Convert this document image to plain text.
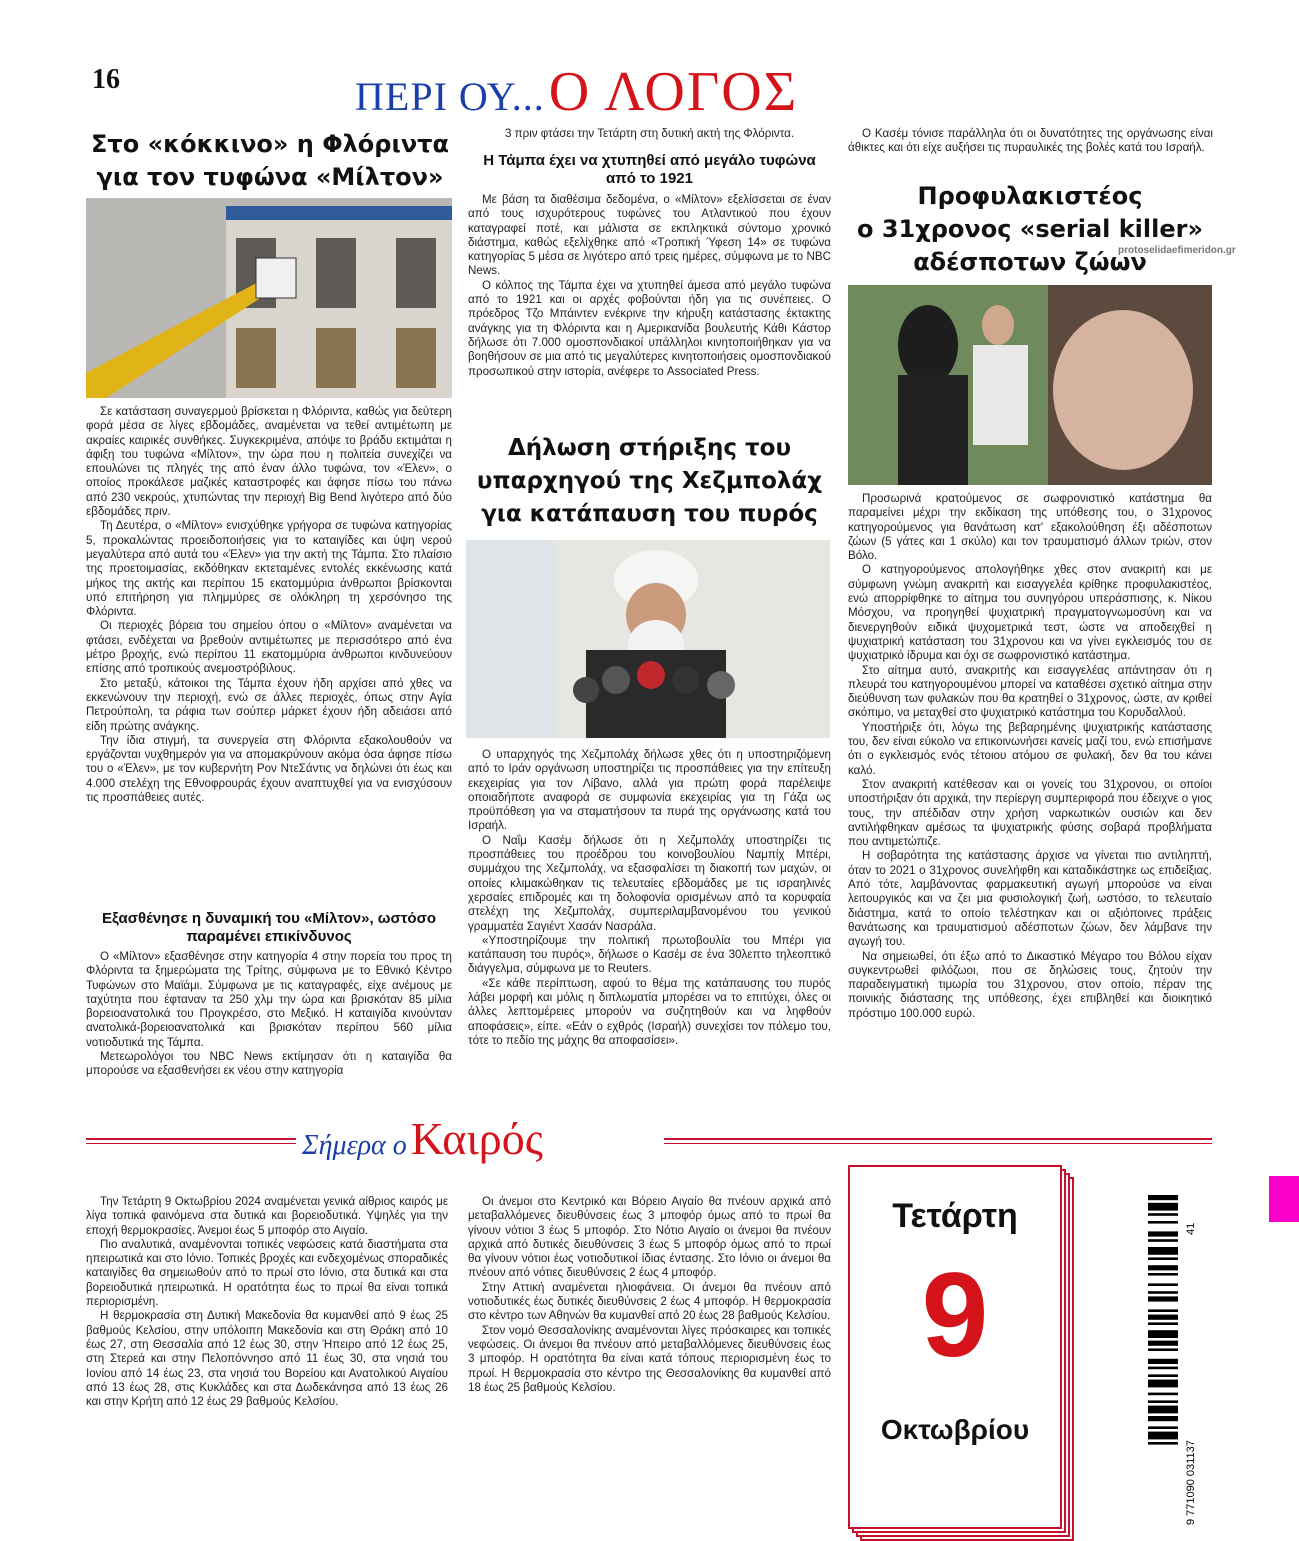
16	ΠΕΡΙ ΟΥ... Ο ΛΟΓΟΣ
Στο «κόκκινο» η Φλόριντα
για τον τυφώνα «Μίλτον»

Σε κατάσταση συναγερμού βρίσκεται η Φλόριντα, καθώς για δεύτερη φορά μέσα σε λίγες εβδομάδες, αναμένεται να τεθεί αντιμέτωπη με ακραίες καιρικές συνθήκες. Συγκεκριμένα, απόψε το βράδυ εκτιμάται η άφιξη του τυφώνα «Μίλτον», την ώρα που η πολιτεία συνεχίζει να επουλώνει τις πληγές της από έναν άλλο τυφώνα, τον «Έλεν», ο οποίος προκάλεσε μαζικές καταστροφές και άφησε πίσω του πάνω από 230 νεκρούς, χτυπώντας την περιοχή Big Bend λιγότερο από δύο εβδομάδες πριν.

Τη Δευτέρα, ο «Μίλτον» ενισχύθηκε γρήγορα σε τυφώνα κατηγορίας 5, προκαλώντας προειδοποιήσεις για το καταιγίδες και ύψη νερού μεγαλύτερα από αυτά του «Έλεν» για την ακτή της Τάμπα. Στο πλαίσιο της προετοιμασίας, εκδόθηκαν εκτεταμένες εντολές εκκένωσης κατά μήκος της ακτής και περίπου 15 εκατομμύρια άνθρωποι βρίσκονται υπό επιτήρηση για πλημμύρες σε ολόκληρη τη χερσόνησο της Φλόριντα.

Οι περιοχές βόρεια του σημείου όπου ο «Μίλτον» αναμένεται να φτάσει, ενδέχεται να βρεθούν αντιμέτωπες με περισσότερο από ένα μέτρο βροχής, ενώ περίπου 11 εκατομμύρια άνθρωποι κινδυνεύουν επίσης από τροπικούς ανεμοστρόβιλους.

Στο μεταξύ, κάτοικοι της Τάμπα έχουν ήδη αρχίσει από χθες να εκκενώνουν την περιοχή, ενώ σε άλλες περιοχές, όπως στην Αγία Πετρούπολη, τα ράφια των σούπερ μάρκετ έχουν ήδη αδειάσει από είδη πρώτης ανάγκης.

Την ίδια στιγμή, τα συνεργεία στη Φλόριντα εξακολουθούν να εργάζονται νυχθημερόν για να απομακρύνουν ακόμα όσα άφησε πίσω του ο «Έλεν», με τον κυβερνήτη Ρον ΝτεΣάντις να δηλώνει ότι έως και 4.000 στελέχη της Εθνοφρουράς έχουν αναπτυχθεί για να ενισχύσουν τις προσπάθειες αυτές.

Εξασθένησε η δυναμική του «Μίλτον», ωστόσο παραμένει επικίνδυνος

Ο «Μίλτον» εξασθένησε στην κατηγορία 4 στην πορεία του προς τη Φλόριντα τα ξημερώματα της Τρίτης, σύμφωνα με το Εθνικό Κέντρο Τυφώνων στο Μαϊάμι. Σύμφωνα με τις καταγραφές, είχε ανέμους με ταχύτητα που έφταναν τα 250 χλμ την ώρα και βρισκόταν 85 μίλια βορειοανατολικά του Προγκρέσο, στο Μεξικό. Η καταιγίδα κινούνταν ανατολικά-βορειοανατολικά και βρισκόταν περίπου 560 μίλια νοτιοδυτικά της Τάμπα.

Μετεωρολόγοι του NBC News εκτίμησαν ότι η καταιγίδα θα μπορούσε να εξασθενήσει εκ νέου στην κατηγορία

3 πριν φτάσει την Τετάρτη στη δυτική ακτή της Φλόριντα.
Η Τάμπα έχει να χτυπηθεί από μεγάλο τυφώνα από το 1921

Με βάση τα διαθέσιμα δεδομένα, ο «Μίλτον» εξελίσσεται σε έναν από τους ισχυρότερους τυφώνες του Ατλαντικού που έχουν καταγραφεί ποτέ, και μάλιστα σε εκπληκτικά σύντομο χρονικό διάστημα, καθώς εξελίχθηκε από «Τροπική Ύφεση 14» σε τυφώνα κατηγορίας 5 μέσα σε λιγότερο από τρεις ημέρες, σύμφωνα με το NBC News.

Ο κόλπος της Τάμπα έχει να χτυπηθεί άμεσα από μεγάλο τυφώνα από το 1921 και οι αρχές φοβούνται ήδη για τις συνέπειες. Ο πρόεδρος Τζο Μπάιντεν ενέκρινε την κήρυξη κατάστασης έκτακτης ανάγκης για τη Φλόριντα και η Αμερικανίδα βουλευτής Κάθι Κάστορ δήλωσε ότι 7.000 ομοσπονδιακοί υπάλληλοι κινητοποιήθηκαν για να βοηθήσουν σε μια από τις μεγαλύτερες κινητοποιήσεις ομοσπονδιακού προσωπικού στην ιστορία, ανέφερε το Associated Press.

Δήλωση στήριξης του
υπαρχηγού της Χεζμπολάχ
για κατάπαυση του πυρός

Ο υπαρχηγός της Χεζμπολάχ δήλωσε χθες ότι η υποστηριζόμενη από το Ιράν οργάνωση υποστηρίζει τις προσπάθειες για την επίτευξη εκεχειρίας για τον Λίβανο, αλλά για πρώτη φορά παρέλειψε οποιαδήποτε αναφορά σε συμφωνία εκεχειρίας για τη Γάζα ως προϋπόθεση για να σταματήσουν τα πυρά της οργάνωσης κατά του Ισραήλ.

Ο Ναΐμ Κασέμ δήλωσε ότι η Χεζμπολάχ υποστηρίζει τις προσπάθειες του προέδρου του κοινοβουλίου Ναμπίχ Μπέρι, συμμάχου της Χεζμπολάχ, να εξασφαλίσει τη διακοπή των μαχών, οι οποίες κλιμακώθηκαν τις τελευταίες εβδομάδες με τις ισραηλινές χερσαίες επιδρομές και τη δολοφονία ορισμένων από τα κορυφαία στελέχη της Χεζμπολάχ, συμπεριλαμβανομένου του γενικού γραμματέα Σαγιέντ Χασάν Νασράλα.

«Υποστηρίζουμε την πολιτική πρωτοβουλία του Μπέρι για κατάπαυση του πυρός», δήλωσε ο Κασέμ σε ένα 30λεπτο τηλεοπτικό διάγγελμα, σύμφωνα με το Reuters.

«Σε κάθε περίπτωση, αφού το θέμα της κατάπαυσης του πυρός λάβει μορφή και μόλις η διπλωματία μπορέσει να το επιτύχει, όλες οι άλλες λεπτομέρειες μπορούν να συζητηθούν και να ληφθούν αποφάσεις», είπε. «Εάν ο εχθρός (Ισραήλ) συνεχίσει τον πόλεμο του, τότε το πεδίο της μάχης θα αποφασίσει».

Ο Κασέμ τόνισε παράλληλα ότι οι δυνατότητες της οργάνωσης είναι άθικτες και ότι είχε αυξήσει τις πυραυλικές της βολές κατά του Ισραήλ.

Προφυλακιστέος
ο 31χρονος «serial killer»
αδέσποτων ζώων
protoselidaefimeridon.gr

Προσωρινά κρατούμενος σε σωφρονιστικό κατάστημα θα παραμείνει μέχρι την εκδίκαση της υπόθεσης του, ο 31χρονος κατηγορούμενος για θανάτωση κατ' εξακολούθηση έξι αδέσποτων ζώων (5 γάτες και 1 σκύλο) και τον τραυματισμό άλλων τριών, στον Βόλο.

Ο κατηγορούμενος απολογήθηκε χθες στον ανακριτή και με σύμφωνη γνώμη ανακριτή και εισαγγελέα κρίθηκε προφυλακιστέος, ενώ απορρίφθηκε το αίτημα του συνηγόρου υπεράσπισης, κ. Νίκου Μόσχου, να προηγηθεί ψυχιατρική πραγματογνωμοσύνη και να διενεργηθούν ειδικά ψυχομετρικά τεστ, ώστε να αποδειχθεί η ψυχιατρική κατάσταση του 31χρονου και να γίνει εγκλεισμός του σε ψυχιατρικό ίδρυμα και όχι σε σωφρονιστικό κατάστημα.

Στο αίτημα αυτό, ανακριτής και εισαγγελέας απάντησαν ότι η πλευρά του κατηγορουμένου μπορεί να καταθέσει σχετικό αίτημα στην διεύθυνση των φυλακών που θα κρατηθεί ο 31χρονος, ώστε, αν κριθεί σκόπιμο, να μεταχθεί στο ψυχιατρικό κατάστημα του Κορυδαλλού.

Υποστήριξε ότι, λόγω της βεβαρημένης ψυχιατρικής κατάστασης του, δεν είναι εύκολο να επικοινωνήσει κανείς μαζί του, ενώ επισήμανε ότι ο εγκλεισμός ενός τέτοιου ατόμου σε φυλακή, δεν θα του κάνει καλό.

Στον ανακριτή κατέθεσαν και οι γονείς του 31χρονου, οι οποίοι υποστήριξαν ότι αρχικά, την περίεργη συμπεριφορά που έδειχνε ο γιος τους, την απέδιδαν στην χρήση ναρκωτικών ουσιών και δεν αντιλήφθηκαν αμέσως τα ψυχιατρικής φύσης σοβαρά προβλήματα που αντιμετώπιζε.

Η σοβαρότητα της κατάστασης άρχισε να γίνεται πιο αντιληπτή, όταν το 2021 ο 31χρονος συνελήφθη και καταδικάστηκε ως επιδείξιας. Από τότε, λαμβάνοντας φαρμακευτική αγωγή μπορούσε να είναι λειτουργικός και να ζει μια φυσιολογική ζωή, ωστόσο, το τελευταίο διάστημα, κατά το οποίο τελέστηκαν και οι αξιόποινες πράξεις θανάτωσης και τραυματισμού αδέσποτων ζώων, δεν λάμβανε την αγωγή του.

Να σημειωθεί, ότι έξω από το Δικαστικό Μέγαρο του Βόλου είχαν συγκεντρωθεί φιλόζωοι, που σε δηλώσεις τους, ζητούν την παραδειγματική τιμωρία του 31χρονου, στον οποίο, πέραν της ποινικής διάστασης της υπόθεσης, έχει επιβληθεί και διοικητικό πρόστιμο 100.000 ευρώ.

Σήμερα ο Καιρός

Την Τετάρτη 9 Οκτωβρίου 2024 αναμένεται γενικά αίθριος καιρός με λίγα τοπικά φαινόμενα στα δυτικά και βορειοδυτικά. Υψηλές για την εποχή θερμοκρασίες. Άνεμοι έως 5 μποφόρ στο Αιγαίο.

Πιο αναλυτικά, αναμένονται τοπικές νεφώσεις κατά διαστήματα στα ηπειρωτικά και στο Ιόνιο. Τοπικές βροχές και ενδεχομένως σποραδικές καταιγίδες θα σημειωθούν από το πρωί στο Ιόνιο, στα δυτικά και στα βορειοδυτικά ηπειρωτικά. Η ορατότητα έως το πρωί θα είναι τοπικά περιορισμένη.

Η θερμοκρασία στη Δυτική Μακεδονία θα κυμανθεί από 9 έως 25 βαθμούς Κελσίου, στην υπόλοιπη Μακεδονία και στη Θράκη από 10 έως 27, στη Θεσσαλία από 12 έως 30, στην Ήπειρο από 12 έως 25, στη Στερεά και στην Πελοπόννησο από 11 έως 30, στα νησιά του Ιονίου από 14 έως 23, στα νησιά του Βορείου και Ανατολικού Αιγαίου από 13 έως 28, στις Κυκλάδες και στα Δωδεκάνησα από 13 έως 26 και στην Κρήτη από 12 έως 29 βαθμούς Κελσίου.

Οι άνεμοι στο Κεντρικό και Βόρειο Αιγαίο θα πνέουν αρχικά από μεταβαλλόμενες διευθύνσεις έως 3 μποφόρ όμως από το πρωί θα γίνουν νότιοι 3 έως 5 μποφόρ. Στο Νότιο Αιγαίο οι άνεμοι θα πνέουν αρχικά από δυτικές διευθύνσεις 3 έως 5 μποφόρ όμως από το πρωί θα γίνουν νότιοι έως νοτιοδυτικοί ίδιας έντασης. Στο Ιόνιο οι άνεμοι θα πνέουν από νότιες διευθύνσεις 2 έως 4 μποφόρ.

Στην Αττική αναμένεται ηλιοφάνεια. Οι άνεμοι θα πνέουν από νοτιοδυτικές έως δυτικές διευθύνσεις 2 έως 4 μποφόρ. Η θερμοκρασία στο κέντρο των Αθηνών θα κυμανθεί από 20 έως 28 βαθμούς Κελσίου.

Στον νομό Θεσσαλονίκης αναμένονται λίγες πρόσκαιρες και τοπικές νεφώσεις. Οι άνεμοι θα πνέουν από μεταβαλλόμενες διευθύνσεις έως 3 μποφόρ. Η ορατότητα θα είναι κατά τόπους περιορισμένη έως το πρωί. Η θερμοκρασία στο κέντρο της Θεσσαλονίκης θα κυμανθεί από 18 έως 25 βαθμούς Κελσίου.

Τετάρτη
9
Οκτωβρίου
9 771090 031137
41
